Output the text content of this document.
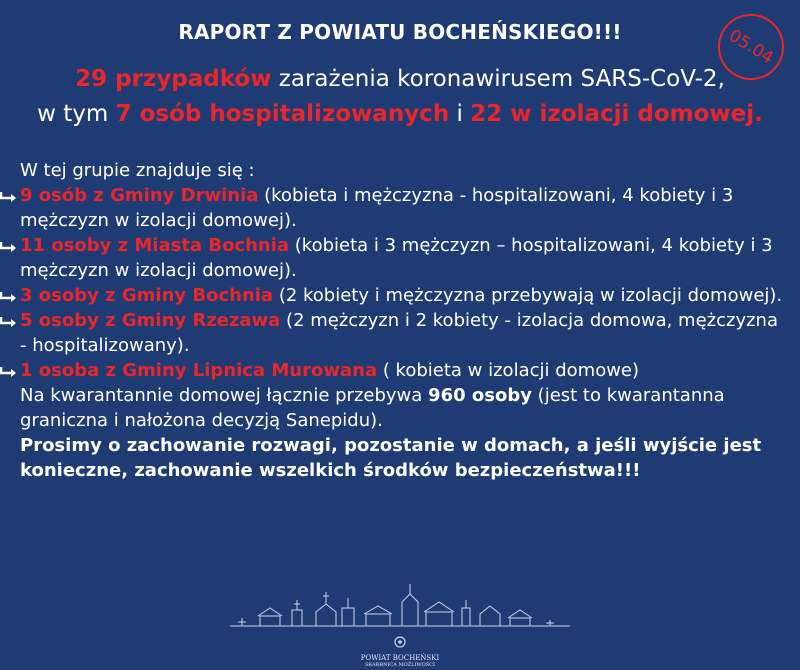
RAPORT Z POWIATU BOCHEŃSKIEGO!!!	05.04
29 przypadków zarażenia koronawirusem SARS-CoV-2,
w tym 7 osób hospitalizowanych i 22 w izolacji domowej.

W tej grupie znajduje się :

9 osób z Gminy Drwinia (kobieta i mężczyzna - hospitalizowani, 4 kobiety i 3 mężczyzn w izolacji domowej).

11 osoby z Miasta Bochnia (kobieta i 3 mężczyzn – hospitalizowani, 4 kobiety i 3 mężczyzn w izolacji domowej).

3 osoby z Gminy Bochnia (2 kobiety i mężczyzna przebywają w izolacji domowej).

5 osoby z Gminy Rzezawa (2 mężczyzn i 2 kobiety - izolacja domowa, mężczyzna - hospitalizowany).

1 osoba z Gminy Lipnica Murowana ( kobieta w izolacji domowe)

Na kwarantannie domowej łącznie przebywa 960 osoby (jest to kwarantanna graniczna i nałożona decyzją Sanepidu).

Prosimy o zachowanie rozwagi, pozostanie w domach, a jeśli wyjście jest konieczne, zachowanie wszelkich środków bezpieczeństwa!!!

POWIAT BOCHEŃSKI
SKARBNICA MOŻLIWOŚCI
